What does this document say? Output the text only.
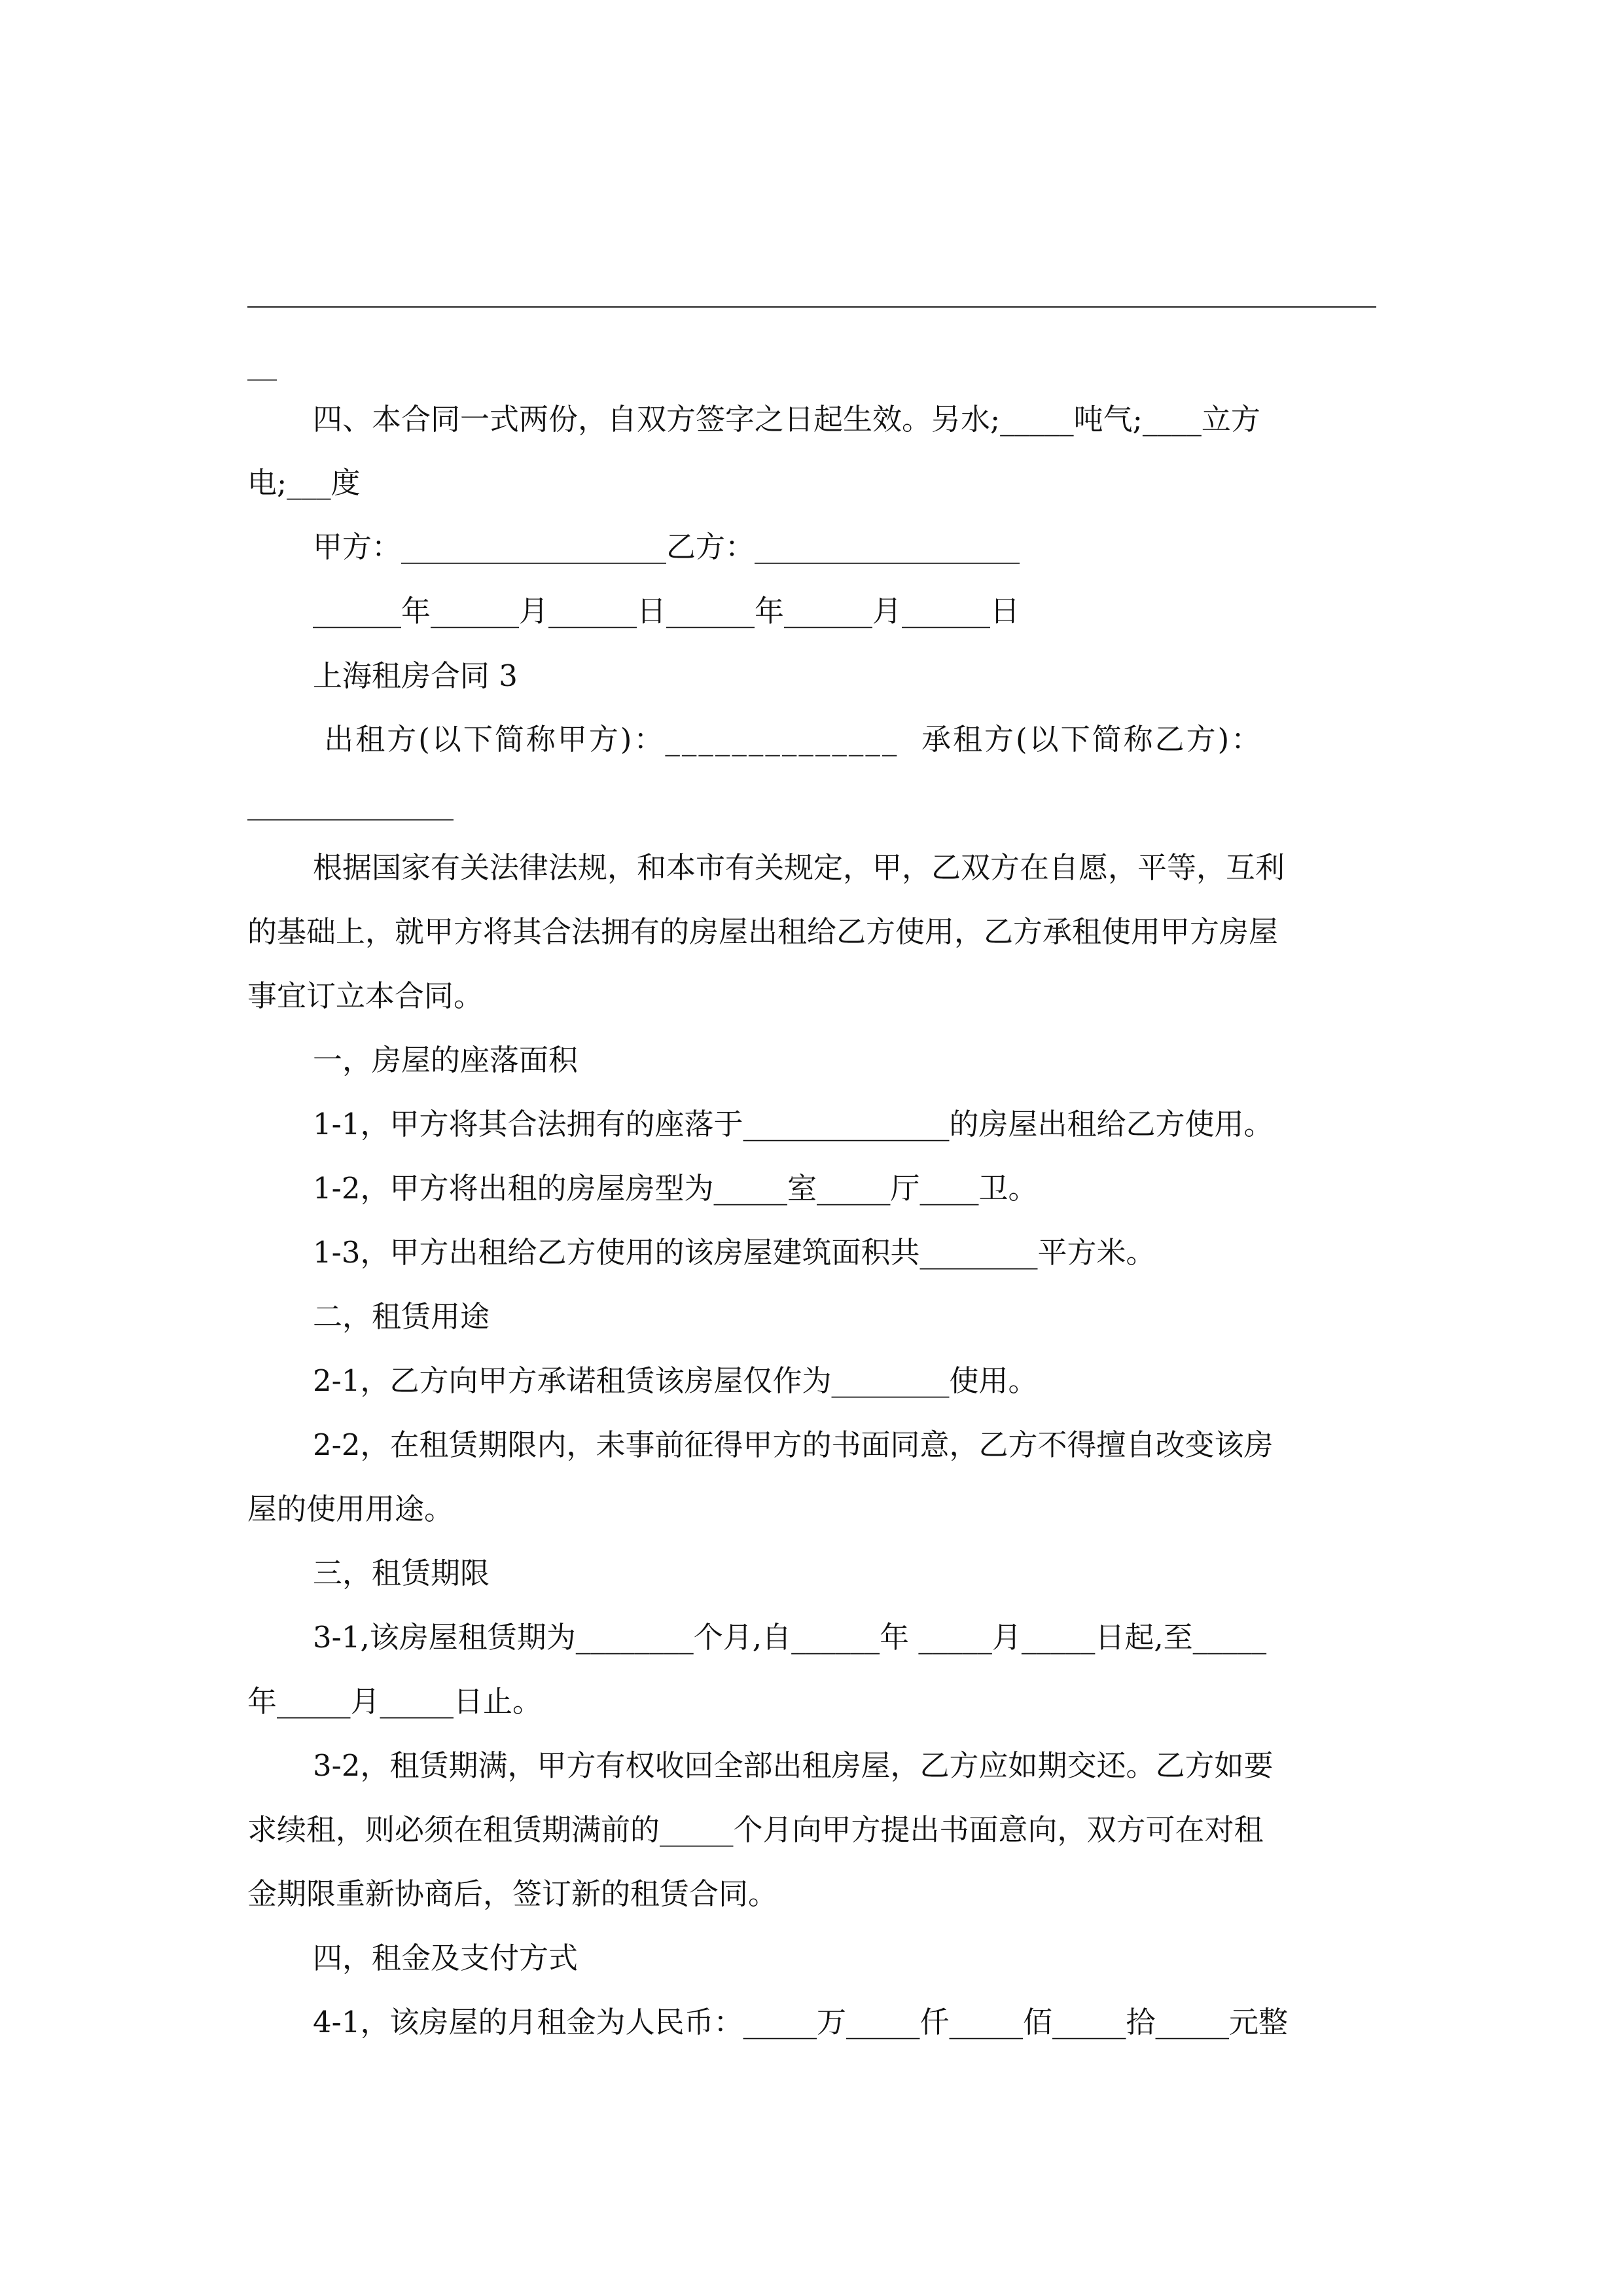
__
四、本合同一式两份，自双方签字之日起生效。另水;_____吨气;____立方
电;___度
甲方：__________________乙方：__________________
______年______月______日______年______月______日
上海租房合同 3
出租方(以下简称甲方)：______________  承租方(以下简称乙方)：
______________
根据国家有关法律法规，和本市有关规定，甲，乙双方在自愿，平等，互利
的基础上，就甲方将其合法拥有的房屋出租给乙方使用，乙方承租使用甲方房屋
事宜订立本合同。
一，房屋的座落面积
1-1，甲方将其合法拥有的座落于______________的房屋出租给乙方使用。
1-2，甲方将出租的房屋房型为_____室_____厅____卫。
1-3，甲方出租给乙方使用的该房屋建筑面积共________平方米。
二，租赁用途
2-1，乙方向甲方承诺租赁该房屋仅作为________使用。
2-2，在租赁期限内，未事前征得甲方的书面同意，乙方不得擅自改变该房
屋的使用用途。
三，租赁期限
3-1,该房屋租赁期为________个月,自______年 _____月_____日起,至_____
年_____月_____日止。
3-2，租赁期满，甲方有权收回全部出租房屋，乙方应如期交还。乙方如要
求续租，则必须在租赁期满前的_____个月向甲方提出书面意向，双方可在对租
金期限重新协商后，签订新的租赁合同。
四，租金及支付方式
4-1，该房屋的月租金为人民币：_____万_____仟_____佰_____拾_____元整
